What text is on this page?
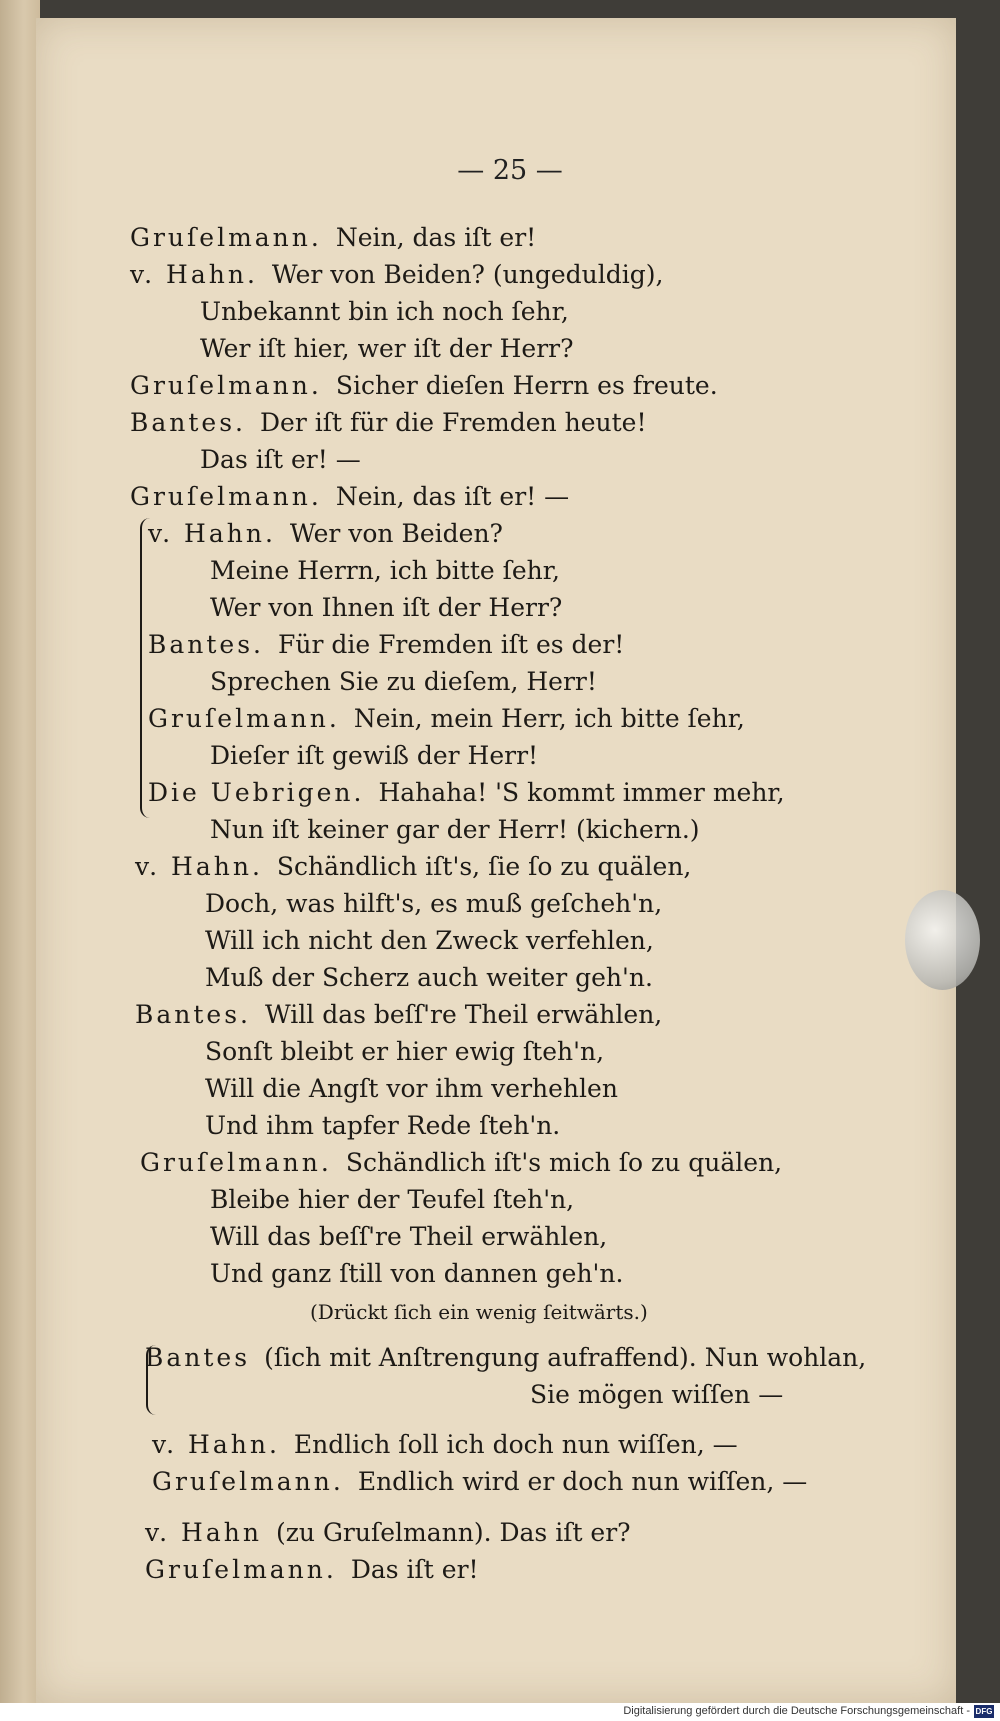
— 25 —
Gruſelmann. Nein, das iſt er!
v. Hahn. Wer von Beiden? (ungeduldig),
Unbekannt bin ich noch ſehr,
Wer iſt hier, wer iſt der Herr?
Gruſelmann. Sicher dieſen Herrn es freute.
Bantes. Der iſt für die Fremden heute!
Das iſt er! —
Gruſelmann. Nein, das iſt er! —
v. Hahn. Wer von Beiden?
Meine Herrn, ich bitte ſehr,
Wer von Ihnen iſt der Herr?
Bantes. Für die Fremden iſt es der!
Sprechen Sie zu dieſem, Herr!
Gruſelmann. Nein, mein Herr, ich bitte ſehr,
Dieſer iſt gewiß der Herr!
Die Uebrigen. Hahaha! 'S kommt immer mehr,
Nun iſt keiner gar der Herr! (kichern.)
v. Hahn. Schändlich iſt's, ſie ſo zu quälen,
Doch, was hilft's, es muß geſcheh'n,
Will ich nicht den Zweck verfehlen,
Muß der Scherz auch weiter geh'n.
Bantes. Will das beſſ're Theil erwählen,
Sonſt bleibt er hier ewig ſteh'n,
Will die Angſt vor ihm verhehlen
Und ihm tapfer Rede ſteh'n.
Gruſelmann. Schändlich iſt's mich ſo zu quälen,
Bleibe hier der Teufel ſteh'n,
Will das beſſ're Theil erwählen,
Und ganz ſtill von dannen geh'n.
(Drückt ſich ein wenig ſeitwärts.)
Bantes (ſich mit Anſtrengung aufraffend). Nun wohlan,
Sie mögen wiſſen —
v. Hahn. Endlich ſoll ich doch nun wiſſen, —
Gruſelmann. Endlich wird er doch nun wiſſen, —
v. Hahn (zu Gruſelmann). Das iſt er?
Gruſelmann. Das iſt er!
Digitalisierung gefördert durch die Deutsche Forschungsgemeinschaft - DFG
